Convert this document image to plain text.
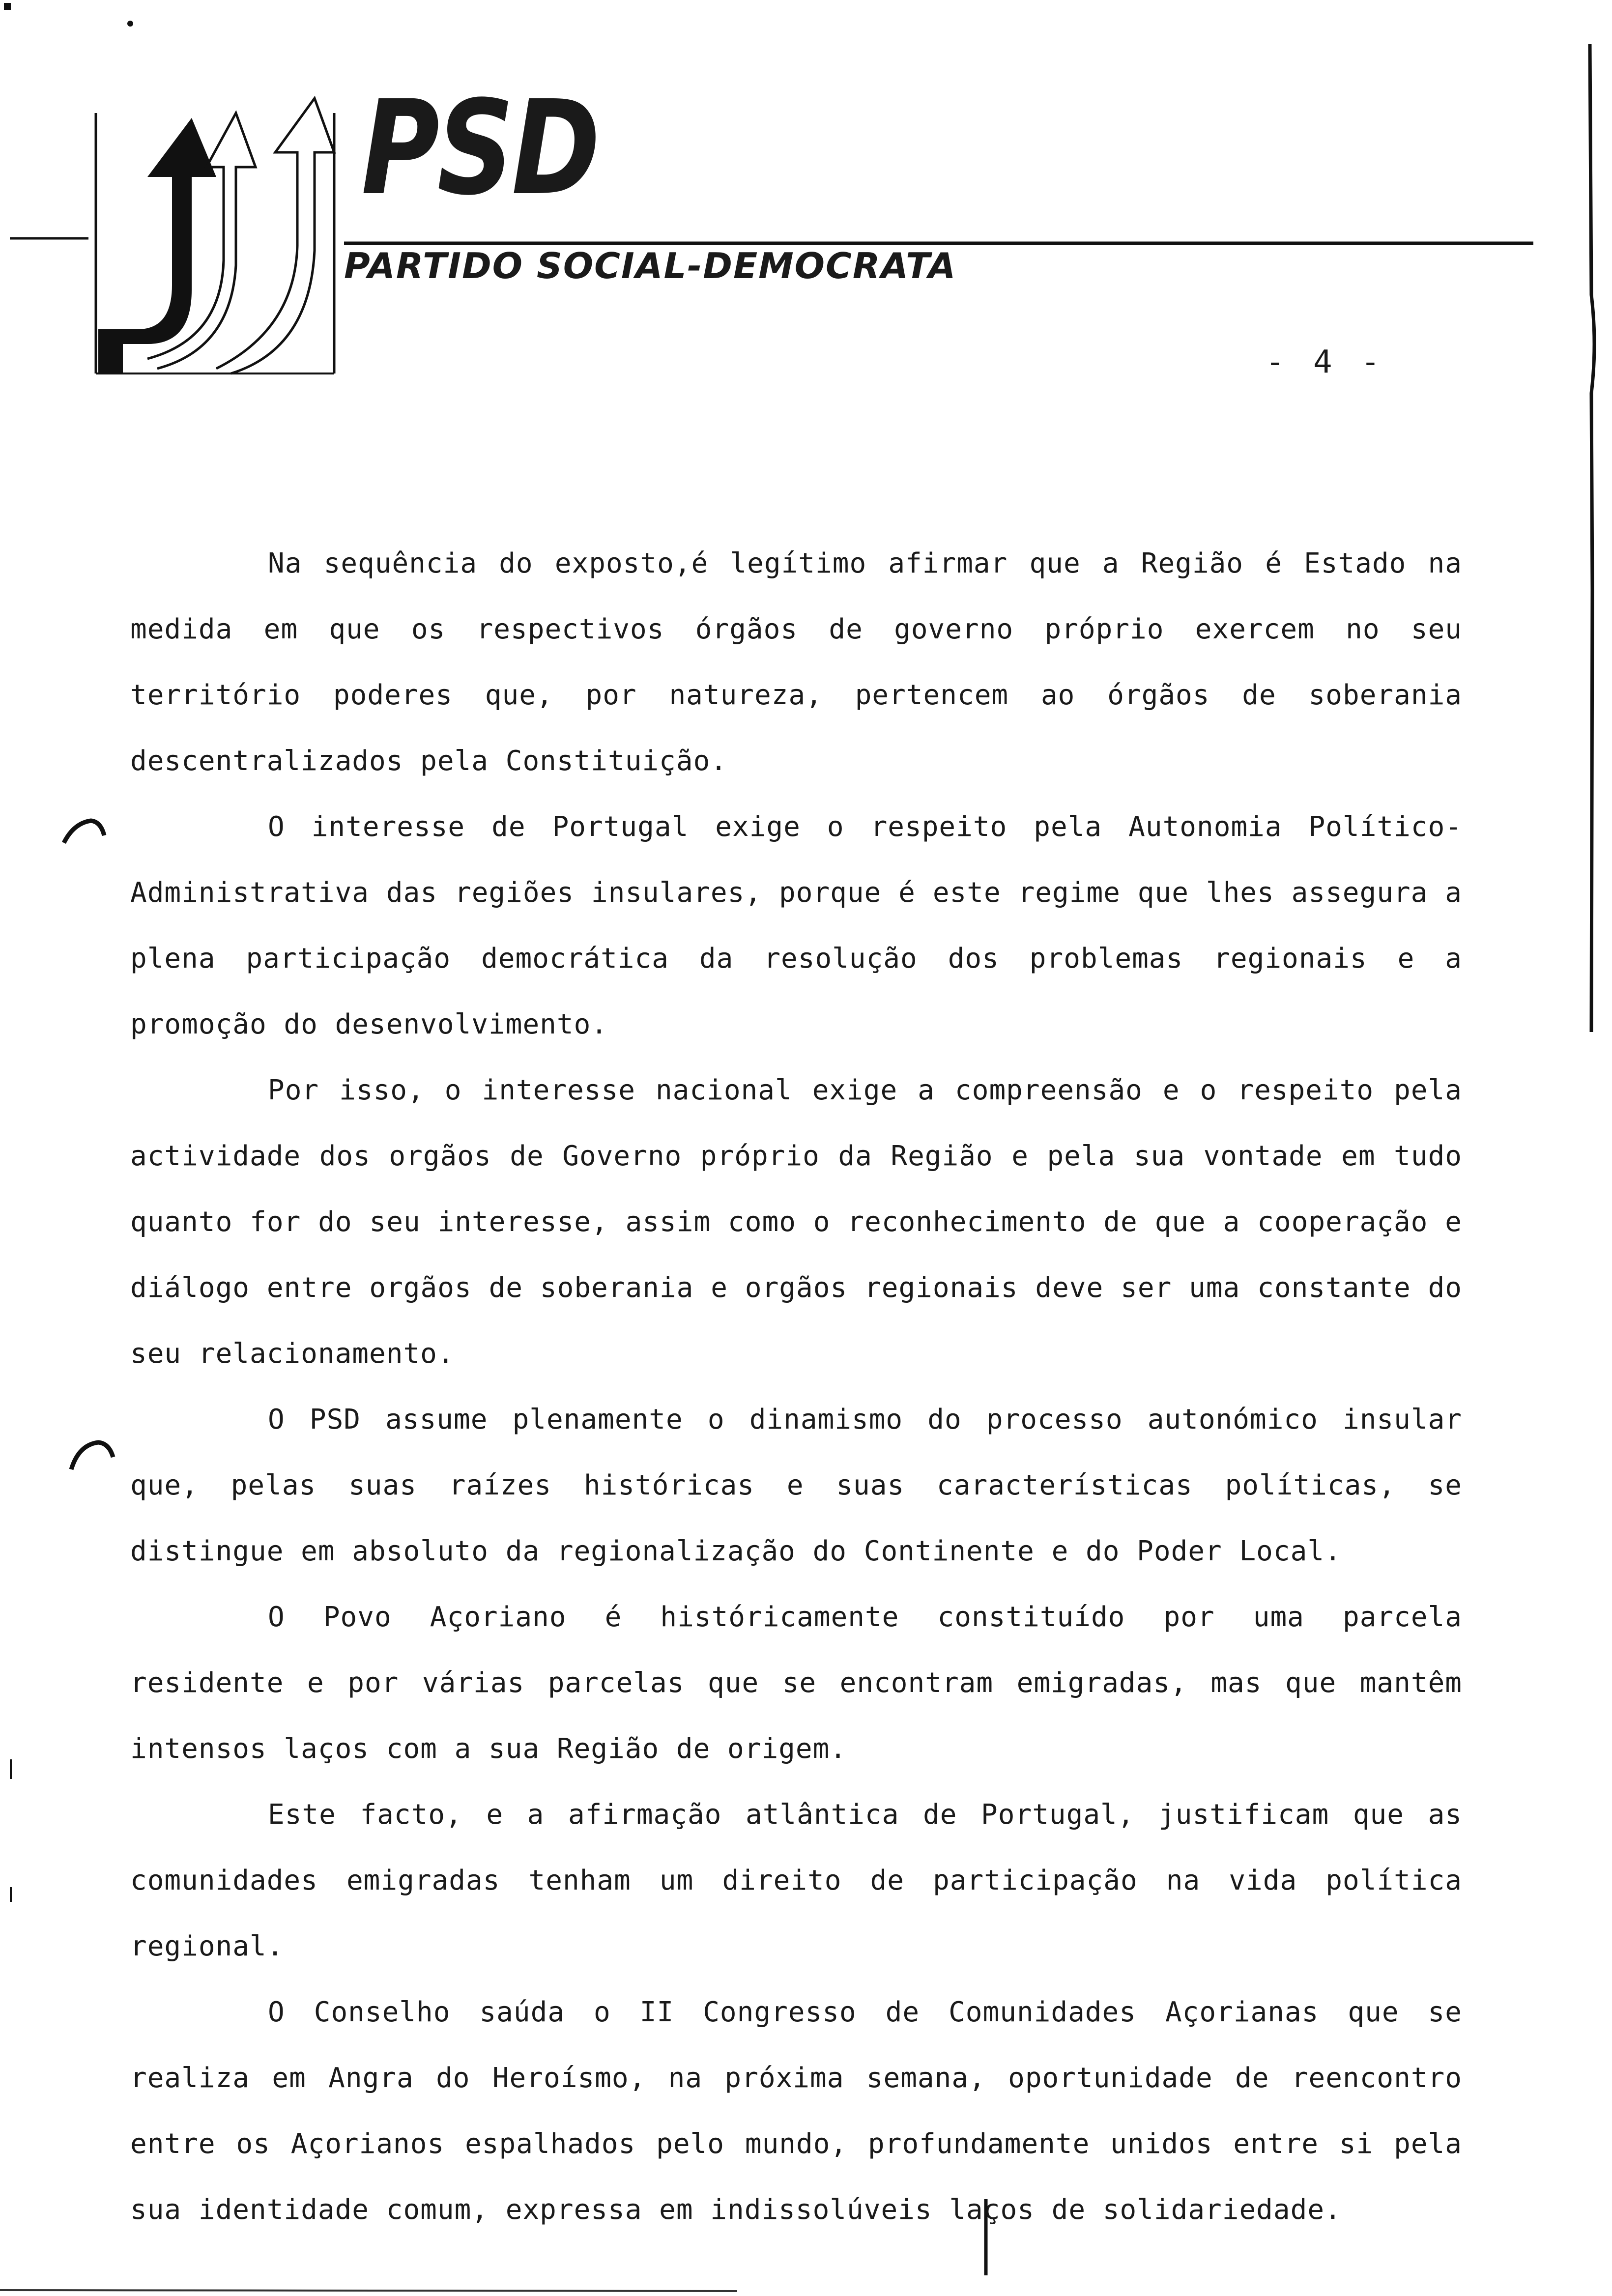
PSD
PARTIDO SOCIAL-DEMOCRATA
- 4 -

Na sequência do exposto,é legítimo afirmar que a Região é Estado na medida em que os respectivos órgãos de governo próprio exercem no seu território poderes que, por natureza, pertencem ao órgãos de soberania descentralizados pela Constituição.

O interesse de Portugal exige o respeito pela Autonomia Político-Administrativa das regiões insulares, porque é este regime que lhes assegura a plena participação democrática da resolução dos problemas regionais e a promoção do desenvolvimento.

Por isso, o interesse nacional exige a compreensão e o respeito pela actividade dos orgãos de Governo próprio da Região e pela sua vontade em tudo quanto for do seu interesse, assim como o reconhecimento de que a cooperação e diálogo entre orgãos de soberania e orgãos regionais deve ser uma constante do seu relacionamento.

O PSD assume plenamente o dinamismo do processo autonómico insular que, pelas suas raízes históricas e suas características políticas, se distingue em absoluto da regionalização do Continente e do Poder Local.

O Povo Açoriano é históricamente constituído por uma parcela residente e por várias parcelas que se encontram emigradas, mas que mantêm intensos laços com a sua Região de origem.

Este facto, e a afirmação atlântica de Portugal, justificam que as comunidades emigradas tenham um direito de participação na vida política regional.

O Conselho saúda o II Congresso de Comunidades Açorianas que se realiza em Angra do Heroísmo, na próxima semana, oportunidade de reencontro entre os Açorianos espalhados pelo mundo, profundamente unidos entre si pela sua identidade comum, expressa em indissolúveis laços de solidariedade.
